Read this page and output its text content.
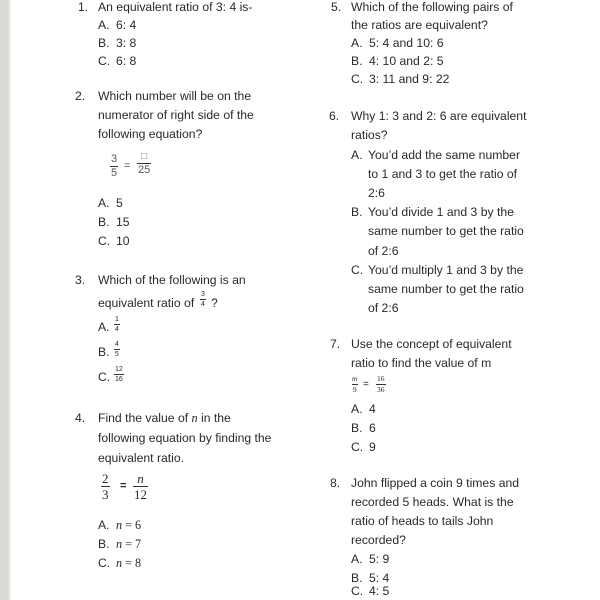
1. An equivalent ratio of 3: 4 is-
A. 6: 4
B. 3: 8
C. 6: 8
2. Which number will be on the
numerator of right side of the
following equation?
$\frac{3}{5}$ =
□
25
A. 5
B. 15
C. 10
3. Which of the following is an
equivalent ratio of $\frac{3}{4}$ ?
A. $\frac{1}{4}$
B. $\frac{4}{5}$
C. $\frac{12}{16}$
4. Find the value of n in the
following equation by finding the
equivalent ratio.
$\frac{2}{3} = \frac{n}{12}$
A. n = 6
B. n = 7
C. n = 8
5. Which of the following pairs of
the ratios are equivalent?
A. 5: 4 and 10: 6
B. 4: 10 and 2: 5
C. 3: 11 and 9: 22
6. Why 1: 3 and 2: 6 are equivalent
ratios?
A. You’d add the same number
to 1 and 3 to get the ratio of
2:6
B. You’d divide 1 and 3 by the
same number to get the ratio
of 2:6
C. You’d multiply 1 and 3 by the
same number to get the ratio
of 2:6
7. Use the concept of equivalent
ratio to find the value of m
$\frac{m}{9} = \frac{16}{36}$
A. 4
B. 6
C. 9
8. John flipped a coin 9 times and
recorded 5 heads. What is the
ratio of heads to tails John
recorded?
A. 5: 9
B. 5: 4
C. 4: 5
